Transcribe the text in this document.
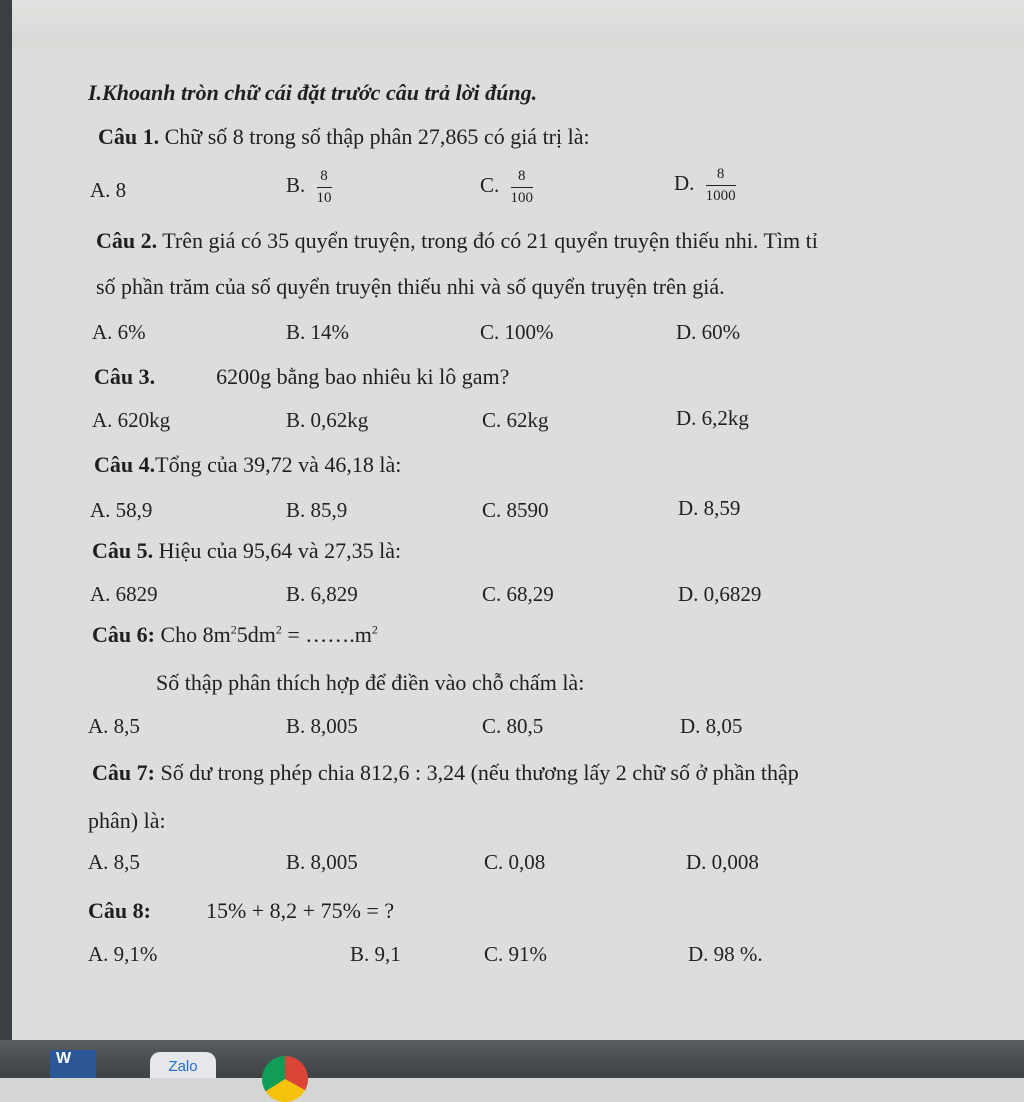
I.Khoanh tròn chữ cái đặt trước câu trả lời đúng.
Câu 1. Chữ số 8 trong số thập phân 27,865 có giá trị là:
A. 8	B. $\frac{8}{10}$	C. $\frac{8}{100}$	D. $\frac{8}{1000}$
Câu 2. Trên giá có 35 quyển truyện, trong đó có 21 quyển truyện thiếu nhi. Tìm tỉ
số phần trăm của số quyển truyện thiếu nhi và số quyển truyện trên giá.
A. 6%	B. 14%	C. 100%	D. 60%
Câu 3.	6200g bằng bao nhiêu ki lô gam?
A. 620kg	B. 0,62kg	C. 62kg	D. 6,2kg
Câu 4.Tổng của 39,72 và 46,18 là:
A. 58,9	B. 85,9	C. 8590	D. 8,59
Câu 5. Hiệu của 95,64 và 27,35 là:
A. 6829	B. 6,829	C. 68,29	D. 0,6829
Câu 6: Cho $8m^25dm^2$ = $\dots\dots.m^2$
Số thập phân thích hợp để điền vào chỗ chấm là:
A. 8,5	B. 8,005	C. 80,5	D. 8,05
Câu 7: Số dư trong phép chia 812,6 : 3,24 (nếu thương lấy 2 chữ số ở phần thập
phân) là:
A. 8,5	B. 8,005	C. 0,08	D. 0,008
Câu 8:	15% + 8,2 + 75% = ?
A. 9,1%	B. 9,1	C. 91%	D. 98 %.
W	Zalo
